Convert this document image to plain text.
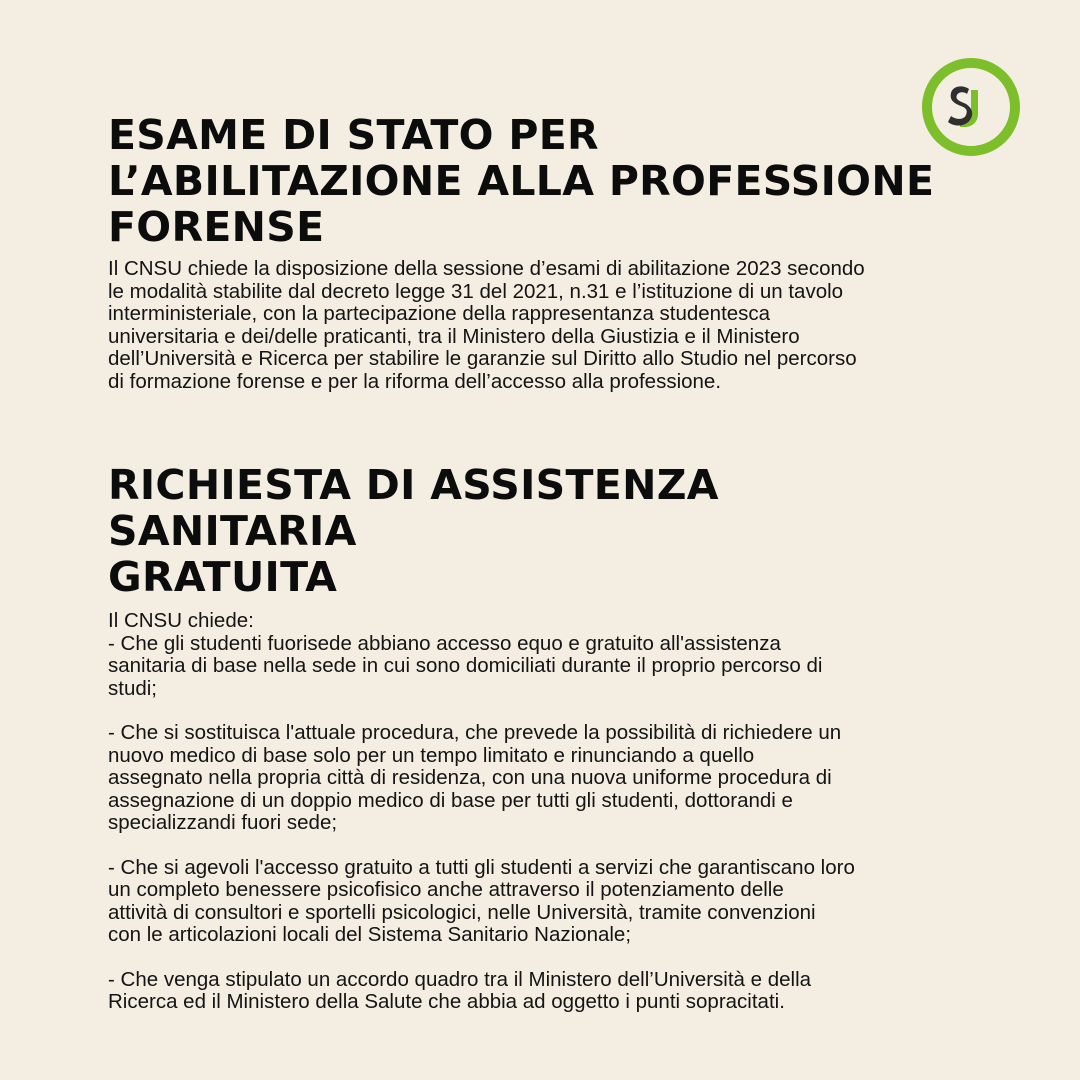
ESAME DI STATO PER
L’ABILITAZIONE ALLA PROFESSIONE
FORENSE

Il CNSU chiede la disposizione della sessione d’esami di abilitazione 2023 secondo
le modalità stabilite dal decreto legge 31 del 2021, n.31 e l’istituzione di un tavolo
interministeriale, con la partecipazione della rappresentanza studentesca
universitaria e dei/delle praticanti, tra il Ministero della Giustizia e il Ministero
dell’Università e Ricerca per stabilire le garanzie sul Diritto allo Studio nel percorso
di formazione forense e per la riforma dell’accesso alla professione.

RICHIESTA DI ASSISTENZA SANITARIA
GRATUITA

Il CNSU chiede:

- Che gli studenti fuorisede abbiano accesso equo e gratuito all'assistenza
sanitaria di base nella sede in cui sono domiciliati durante il proprio percorso di
studi;

- Che si sostituisca l'attuale procedura, che prevede la possibilità di richiedere un
nuovo medico di base solo per un tempo limitato e rinunciando a quello
assegnato nella propria città di residenza, con una nuova uniforme procedura di
assegnazione di un doppio medico di base per tutti gli studenti, dottorandi e
specializzandi fuori sede;

- Che si agevoli l'accesso gratuito a tutti gli studenti a servizi che garantiscano loro
un completo benessere psicofisico anche attraverso il potenziamento delle
attività di consultori e sportelli psicologici, nelle Università, tramite convenzioni
con le articolazioni locali del Sistema Sanitario Nazionale;

- Che venga stipulato un accordo quadro tra il Ministero dell’Università e della
Ricerca ed il Ministero della Salute che abbia ad oggetto i punti sopracitati.
